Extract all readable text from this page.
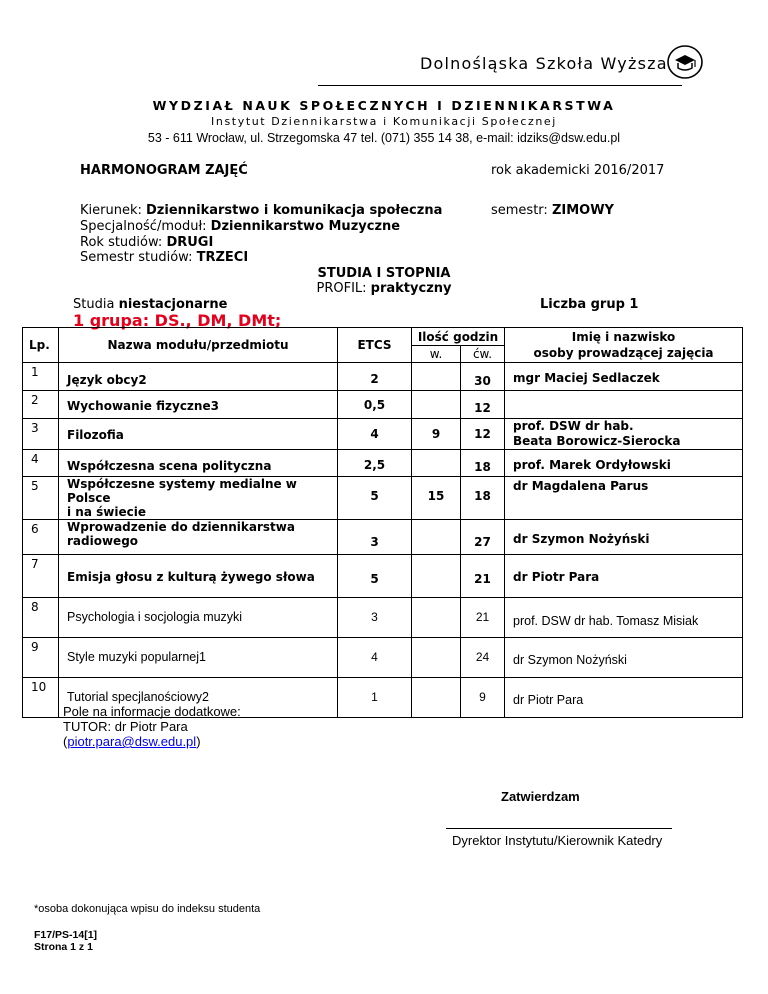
Dolnośląska Szkoła Wyższa
WYDZIAŁ NAUK SPOŁECZNYCH I DZIENNIKARSTWA
Instytut Dziennikarstwa i Komunikacji Społecznej
53 - 611 Wrocław, ul. Strzegomska 47 tel. (071) 355 14 38, e-mail: idziks@dsw.edu.pl
HARMONOGRAM ZAJĘĆ	rok akademicki 2016/2017
Kierunek: Dziennikarstwo i komunikacja społeczna	semestr: ZIMOWY
Specjalność/moduł: Dziennikarstwo Muzyczne
Rok studiów: DRUGI
Semestr studiów: TRZECI
STUDIA I STOPNIA
PROFIL: praktyczny
Studia niestacjonarne	Liczba grup 1
1 grupa: DS., DM, DMt;
Lp.	Nazwa modułu/przedmiotu	ETCS	Ilość godzin		Imię i nazwisko
osoby prowadzącej zajęcia

			w.	ćw.	
1	Język obcy2	2		30	mgr Maciej Sedlaczek
2	Wychowanie fizyczne3	0,5		12	
3	Filozofia	4	9	12	prof. DSW dr hab.
Beata Borowicz-Sierocka

4	Współczesna scena polityczna	2,5		18	prof. Marek Ordyłowski
5	Współczesne systemy medialne w Polsce
i na świecie	5	15	18	dr Magdalena Parus
6	Wprowadzenie do dziennikarstwa
radiowego	3		27	dr Szymon Nożyński
7	Emisja głosu z kulturą żywego słowa	5		21	dr Piotr Para
8	Psychologia i socjologia muzyki	3		21	prof. DSW dr hab. Tomasz Misiak
9	Style muzyki popularnej1	4		24	dr Szymon Nożyński
10	Tutorial specjlanościowy2	1		9	dr Piotr Para
Pole na informacje dodatkowe:
TUTOR: dr Piotr Para
(piotr.para@dsw.edu.pl)
Zatwierdzam
Dyrektor Instytutu/Kierownik Katedry
*osoba dokonująca wpisu do indeksu studenta
F17/PS-14[1]
Strona 1 z 1
